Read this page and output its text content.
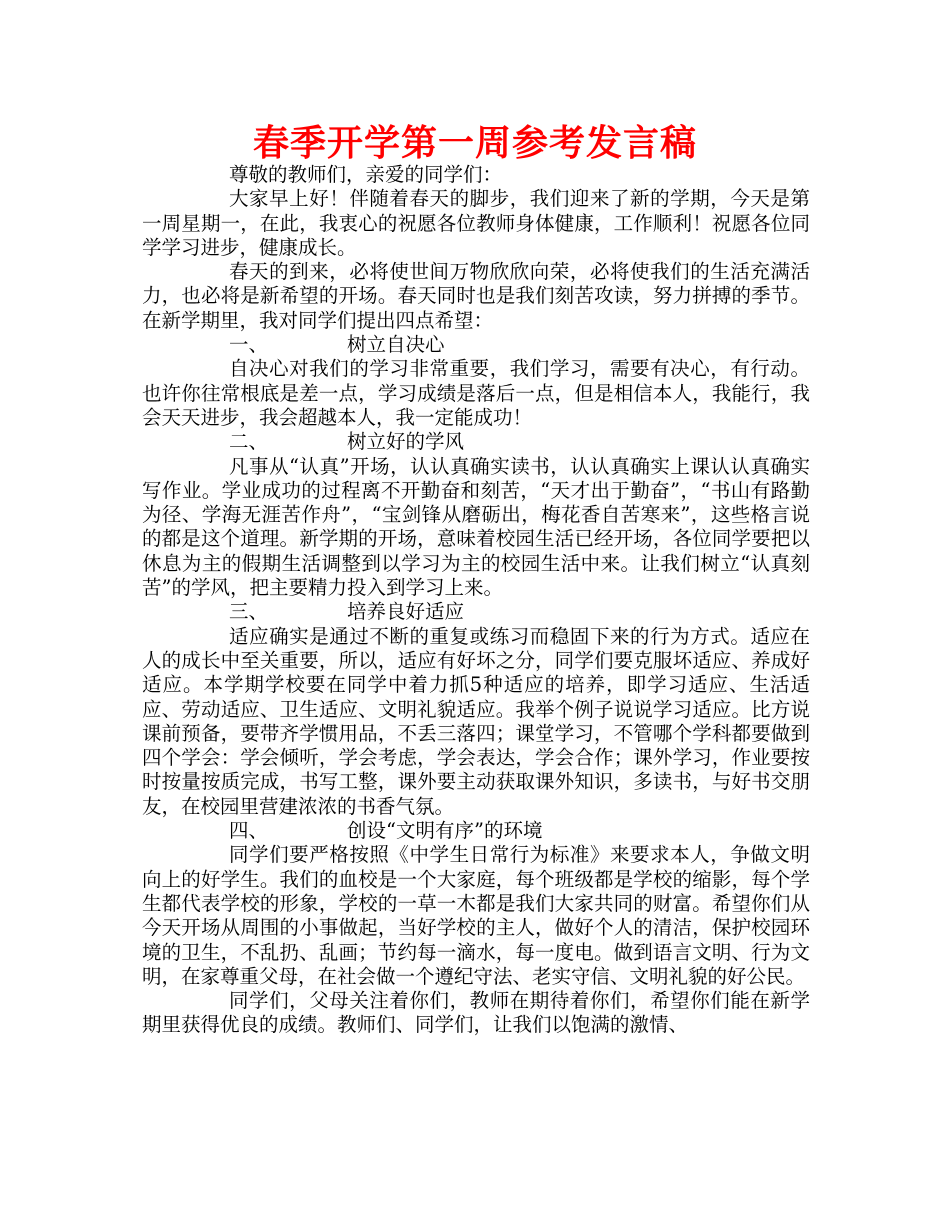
春季开学第一周参考发言稿

尊敬的教师们，亲爱的同学们：

大家早上好！伴随着春天的脚步，我们迎来了新的学期，今天是第一周星期一，在此，我衷心的祝愿各位教师身体健康，工作顺利！祝愿各位同学学习进步，健康成长。

春天的到来，必将使世间万物欣欣向荣，必将使我们的生活充满活力，也必将是新希望的开场。春天同时也是我们刻苦攻读，努力拼搏的季节。在新学期里，我对同学们提出四点希望：

一、	树立自决心

自决心对我们的学习非常重要，我们学习，需要有决心，有行动。也许你往常根底是差一点，学习成绩是落后一点，但是相信本人，我能行，我会天天进步，我会超越本人，我一定能成功！

二、	树立好的学风

凡事从“认真”开场，认认真确实读书，认认真确实上课认认真确实写作业。学业成功的过程离不开勤奋和刻苦，“天才出于勤奋”，“书山有路勤为径、学海无涯苦作舟”，“宝剑锋从磨砺出，梅花香自苦寒来”，这些格言说的都是这个道理。新学期的开场，意味着校园生活已经开场，各位同学要把以休息为主的假期生活调整到以学习为主的校园生活中来。让我们树立“认真刻苦”的学风，把主要精力投入到学习上来。

三、	培养良好适应

适应确实是通过不断的重复或练习而稳固下来的行为方式。适应在人的成长中至关重要，所以，适应有好坏之分，同学们要克服坏适应、养成好适应。本学期学校要在同学中着力抓5种适应的培养，即学习适应、生活适应、劳动适应、卫生适应、文明礼貌适应。我举个例子说说学习适应。比方说课前预备，要带齐学惯用品，不丢三落四；课堂学习，不管哪个学科都要做到四个学会：学会倾听，学会考虑，学会表达，学会合作；课外学习，作业要按时按量按质完成，书写工整，课外要主动获取课外知识，多读书，与好书交朋友，在校园里营建浓浓的书香气氛。

四、	创设“文明有序”的环境

同学们要严格按照《中学生日常行为标准》来要求本人，争做文明向上的好学生。我们的血校是一个大家庭，每个班级都是学校的缩影，每个学生都代表学校的形象，学校的一草一木都是我们大家共同的财富。希望你们从今天开场从周围的小事做起，当好学校的主人，做好个人的清洁，保护校园环境的卫生，不乱扔、乱画；节约每一滴水，每一度电。做到语言文明、行为文明，在家尊重父母，在社会做一个遵纪守法、老实守信、文明礼貌的好公民。

同学们，父母关注着你们，教师在期待着你们，希望你们能在新学期里获得优良的成绩。教师们、同学们，让我们以饱满的激情、
